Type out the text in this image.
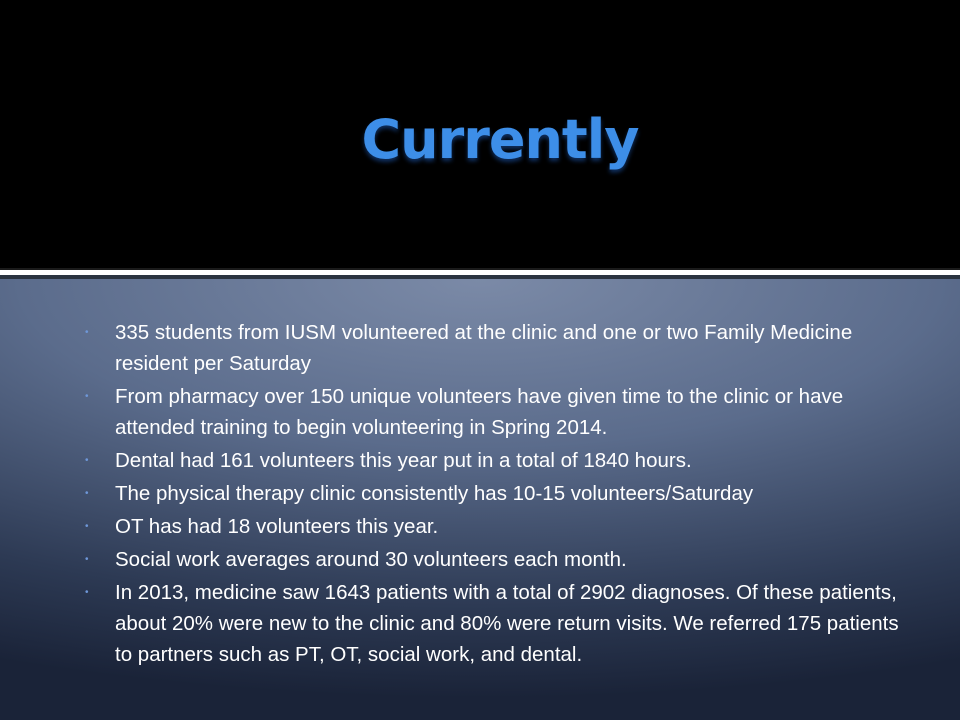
Currently
• 335 students from IUSM volunteered at the clinic and one or two Family Medicine resident per Saturday
• From pharmacy over 150 unique volunteers have given time to the clinic or have attended training to begin volunteering in Spring 2014.
• Dental had 161 volunteers this year put in a total of 1840 hours.
• The physical therapy clinic consistently has 10-15 volunteers/Saturday
• OT has had 18 volunteers this year.
• Social work averages around 30 volunteers each month.
• In 2013, medicine saw 1643 patients with a total of 2902 diagnoses. Of these patients, about 20% were new to the clinic and 80% were return visits. We referred 175 patients to partners such as PT, OT, social work, and dental.
